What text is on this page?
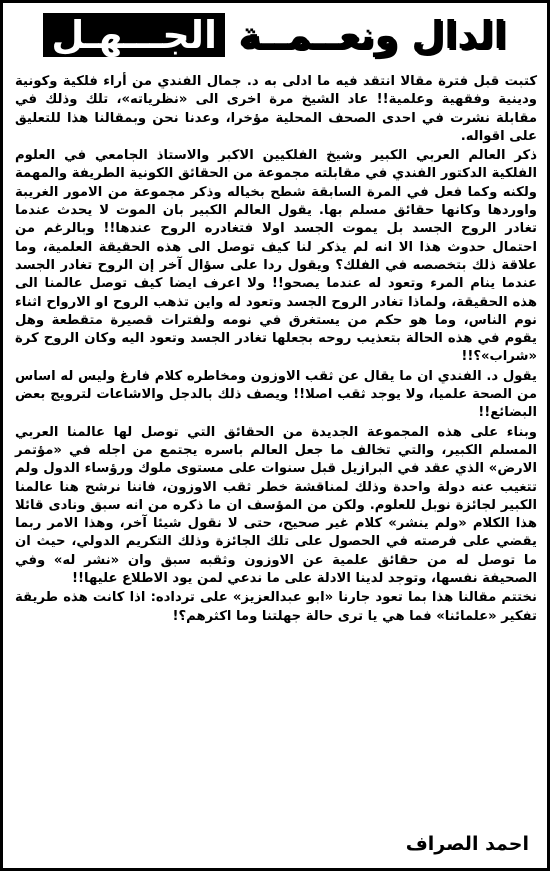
الدال ونعــمــة الجـــهـل

كتبت قبل فترة مقالا انتقد فيه ما ادلى به د. جمال الفندي من أراء فلكية وكونية ودينية وفقهية وعلمية!! عاد الشيخ مرة اخرى الى «نظرياته»، تلك وذلك في مقابلة نشرت في احدى الصحف المحلية مؤخرا، وعدنا نحن وبمقالنا هذا للتعليق على اقواله.

ذكر العالم العربي الكبير وشيخ الفلكيين الاكبر والاستاذ الجامعي في العلوم الفلكية الدكتور الفندي في مقابلته مجموعة من الحقائق الكونية الطريفة والمهمة ولكنه وكما فعل في المرة السابقة شطح بخياله وذكر مجموعة من الامور الغريبة واوردها وكانها حقائق مسلم بها. يقول العالم الكبير بان الموت لا يحدث عندما تغادر الروح الجسد بل يموت الجسد اولا فتغادره الروح عندها!! وبالرغم من احتمال حدوث هذا الا انه لم يذكر لنا كيف توصل الى هذه الحقيقة العلمية، وما علاقة ذلك بتخصصه في الفلك؟ ويقول ردا على سؤال آخر إن الروح تغادر الجسد عندما ينام المرء وتعود له عندما يصحو!! ولا اعرف ايضا كيف توصل عالمنا الى هذه الحقيقة، ولماذا تغادر الروح الجسد وتعود له واين تذهب الروح او الارواح اثناء نوم الناس، وما هو حكم من يستغرق في نومه ولفترات قصيرة متقطعة وهل يقوم في هذه الحالة بتعذيب روحه بجعلها تغادر الجسد وتعود اليه وكان الروح كرة «شراب»؟!!

يقول د. الفندي ان ما يقال عن ثقب الاوزون ومخاطره كلام فارغ وليس له اساس من الصحة علميا، ولا يوجد ثقب اصلا!! ويصف ذلك بالدجل والاشاعات لترويج بعض البضائع!!

وبناء على هذه المجموعة الجديدة من الحقائق التي توصل لها عالمنا العربي المسلم الكبير، والتي تخالف ما جعل العالم باسره يجتمع من اجله في «مؤتمر الارض» الذي عقد في البرازيل قبل سنوات على مستوى ملوك ورؤساء الدول ولم تتغيب عنه دولة واحدة وذلك لمناقشة خطر ثقب الاوزون، فاننا نرشح هنا عالمنا الكبير لجائزة نوبل للعلوم. ولكن من المؤسف ان ما ذكره من انه سبق ونادى قائلا هذا الكلام «ولم ينشر» كلام غير صحيح، حتى لا نقول شيئا آخر، وهذا الامر ربما يقضي على فرصته في الحصول على تلك الجائزة وذلك التكريم الدولي، حيث ان ما توصل له من حقائق علمية عن الاوزون وثقبه سبق وان «نشر له» وفي الصحيفة نفسها، وتوجد لدينا الادلة على ما ندعي لمن يود الاطلاع عليها!!

نختتم مقالنا هذا بما تعود جارنا «ابو عبدالعزيز» على ترداده: اذا كانت هذه طريقة تفكير «علمائنا» فما هي يا ترى حالة جهلتنا وما اكثرهم؟!

احمد الصراف
